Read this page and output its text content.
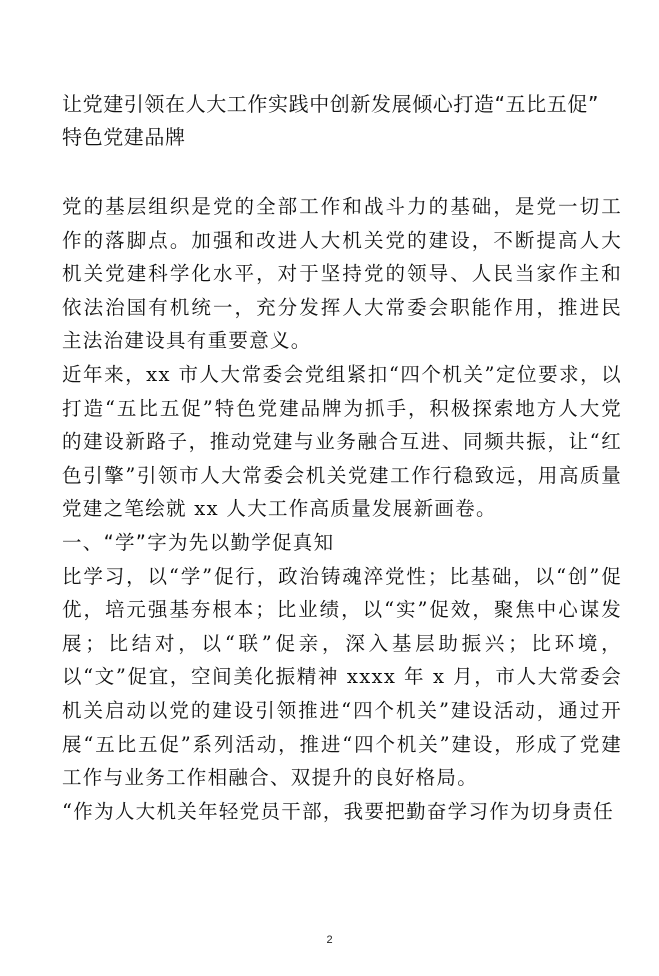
让党建引领在人大工作实践中创新发展倾心打造“五比五促”
特色党建品牌

党的基层组织是党的全部工作和战斗力的基础，是党一切工作的落脚点。加强和改进人大机关党的建设，不断提高人大机关党建科学化水平，对于坚持党的领导、人民当家作主和依法治国有机统一，充分发挥人大常委会职能作用，推进民主法治建设具有重要意义。

近年来，xx 市人大常委会党组紧扣“四个机关”定位要求，以打造“五比五促”特色党建品牌为抓手，积极探索地方人大党的建设新路子，推动党建与业务融合互进、同频共振，让“红色引擎”引领市人大常委会机关党建工作行稳致远，用高质量党建之笔绘就 xx 人大工作高质量发展新画卷。

一、“学”字为先以勤学促真知

比学习，以“学”促行，政治铸魂淬党性；比基础，以“创”促优，培元强基夯根本；比业绩，以“实”促效，聚焦中心谋发展；比结对，以“联”促亲，深入基层助振兴；比环境，以“文”促宜，空间美化振精神 xxxx 年 x 月，市人大常委会机关启动以党的建设引领推进“四个机关”建设活动，通过开展“五比五促”系列活动，推进“四个机关”建设，形成了党建工作与业务工作相融合、双提升的良好格局。

“作为人大机关年轻党员干部，我要把勤奋学习作为切身责任

2
